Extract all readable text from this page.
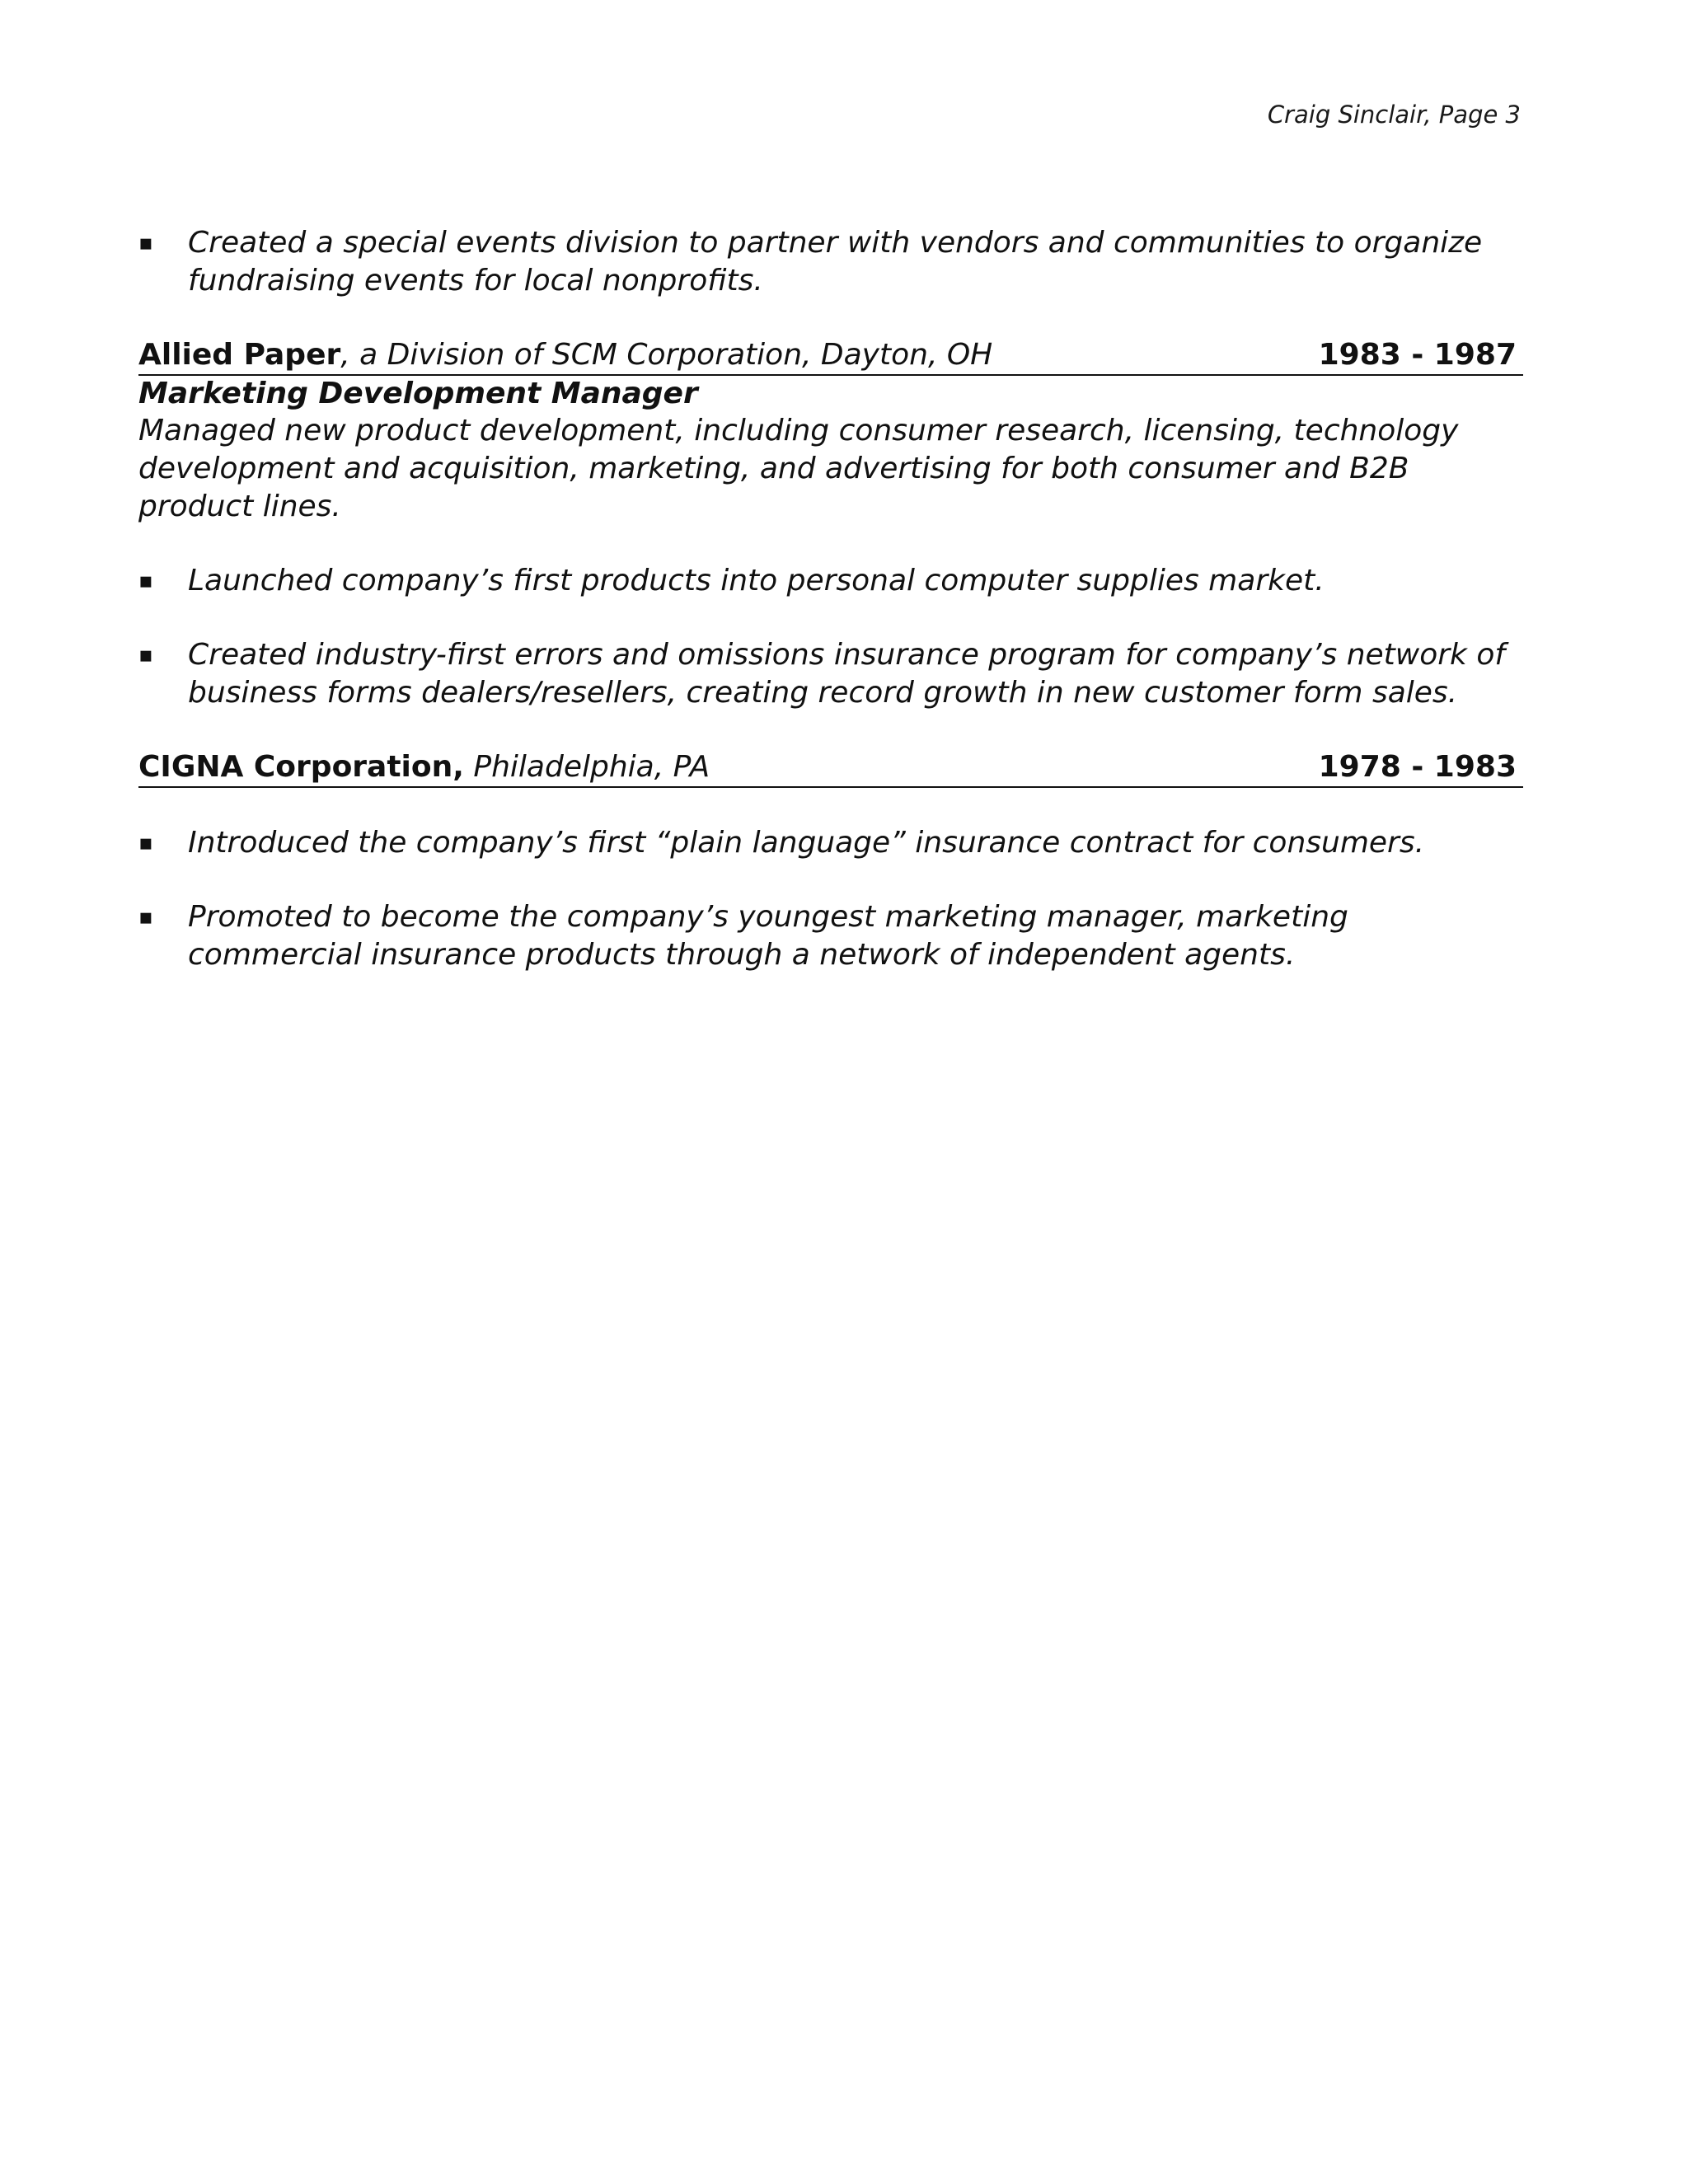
Craig Sinclair, Page 3
▪ Created a special events division to partner with vendors and communities to organize fundraising events for local nonprofits.
Allied Paper, a Division of SCM Corporation, Dayton, OH	1983 - 1987
Marketing Development Manager
Managed new product development, including consumer research, licensing, technology development and acquisition, marketing, and advertising for both consumer and B2B product lines.
▪ Launched company’s first products into personal computer supplies market.
▪ Created industry-first errors and omissions insurance program for company’s network of business forms dealers/resellers, creating record growth in new customer form sales.
CIGNA Corporation, Philadelphia, PA	1978 - 1983
▪ Introduced the company’s first “plain language” insurance contract for consumers.
▪ Promoted to become the company’s youngest marketing manager, marketing commercial insurance products through a network of independent agents.
